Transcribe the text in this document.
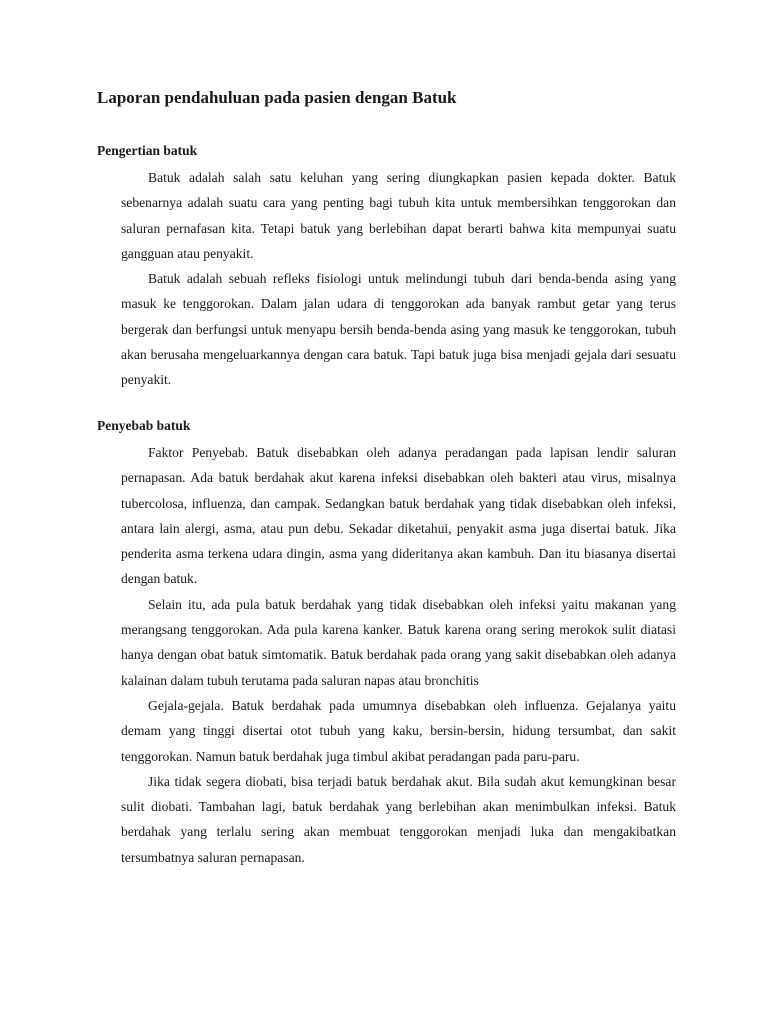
Laporan pendahuluan pada pasien dengan Batuk
Pengertian batuk

Batuk adalah salah satu keluhan yang sering diungkapkan pasien kepada dokter. Batuk sebenarnya adalah suatu cara yang penting bagi tubuh kita untuk membersihkan tenggorokan dan saluran pernafasan kita. Tetapi batuk yang berlebihan dapat berarti bahwa kita mempunyai suatu gangguan atau penyakit.

Batuk adalah sebuah refleks fisiologi untuk melindungi tubuh dari benda-benda asing yang masuk ke tenggorokan. Dalam jalan udara di tenggorokan ada banyak rambut getar yang terus bergerak dan berfungsi untuk menyapu bersih benda-benda asing yang masuk ke tenggorokan, tubuh akan berusaha mengeluarkannya dengan cara batuk. Tapi batuk juga bisa menjadi gejala dari sesuatu penyakit.

Penyebab batuk

Faktor Penyebab. Batuk disebabkan oleh adanya peradangan pada lapisan lendir saluran pernapasan. Ada batuk berdahak akut karena infeksi disebabkan oleh bakteri atau virus, misalnya tubercolosa, influenza, dan campak. Sedangkan batuk berdahak yang tidak disebabkan oleh infeksi, antara lain alergi, asma, atau pun debu. Sekadar diketahui, penyakit asma juga disertai batuk. Jika penderita asma terkena udara dingin, asma yang dideritanya akan kambuh. Dan itu biasanya disertai dengan batuk.

Selain itu, ada pula batuk berdahak yang tidak disebabkan oleh infeksi yaitu makanan yang merangsang tenggorokan. Ada pula karena kanker. Batuk karena orang sering merokok sulit diatasi hanya dengan obat batuk simtomatik. Batuk berdahak pada orang yang sakit disebabkan oleh adanya kalainan dalam tubuh terutama pada saluran napas atau bronchitis

Gejala-gejala. Batuk berdahak pada umumnya disebabkan oleh influenza. Gejalanya yaitu demam yang tinggi disertai otot tubuh yang kaku, bersin-bersin, hidung tersumbat, dan sakit tenggorokan. Namun batuk berdahak juga timbul akibat peradangan pada paru-paru.

Jika tidak segera diobati, bisa terjadi batuk berdahak akut. Bila sudah akut kemungkinan besar sulit diobati. Tambahan lagi, batuk berdahak yang berlebihan akan menimbulkan infeksi. Batuk berdahak yang terlalu sering akan membuat tenggorokan menjadi luka dan mengakibatkan tersumbatnya saluran pernapasan.
